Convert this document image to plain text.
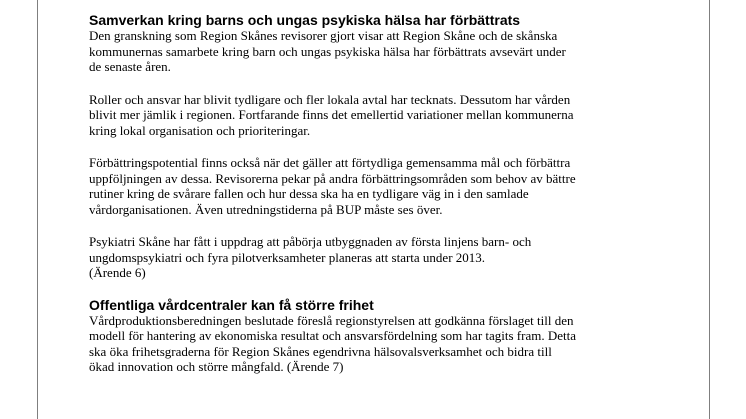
Samverkan kring barns och ungas psykiska hälsa har förbättrats

Den granskning som Region Skånes revisorer gjort visar att Region Skåne och de skånska
kommunernas samarbete kring barn och ungas psykiska hälsa har förbättrats avsevärt under
de senaste åren.

Roller och ansvar har blivit tydligare och fler lokala avtal har tecknats. Dessutom har vården
blivit mer jämlik i regionen. Fortfarande finns det emellertid variationer mellan kommunerna
kring lokal organisation och prioriteringar.

Förbättringspotential finns också när det gäller att förtydliga gemensamma mål och förbättra
uppföljningen av dessa. Revisorerna pekar på andra förbättringsområden som behov av bättre
rutiner kring de svårare fallen och hur dessa ska ha en tydligare väg in i den samlade
vårdorganisationen. Även utredningstiderna på BUP måste ses över.

Psykiatri Skåne har fått i uppdrag att påbörja utbyggnaden av första linjens barn- och
ungdomspsykiatri och fyra pilotverksamheter planeras att starta under 2013.
(Ärende 6)

Offentliga vårdcentraler kan få större frihet

Vårdproduktionsberedningen beslutade föreslå regionstyrelsen att godkänna förslaget till den
modell för hantering av ekonomiska resultat och ansvarsfördelning som har tagits fram. Detta
ska öka frihetsgraderna för Region Skånes egendrivna hälsovalsverksamhet och bidra till
ökad innovation och större mångfald. (Ärende 7)
